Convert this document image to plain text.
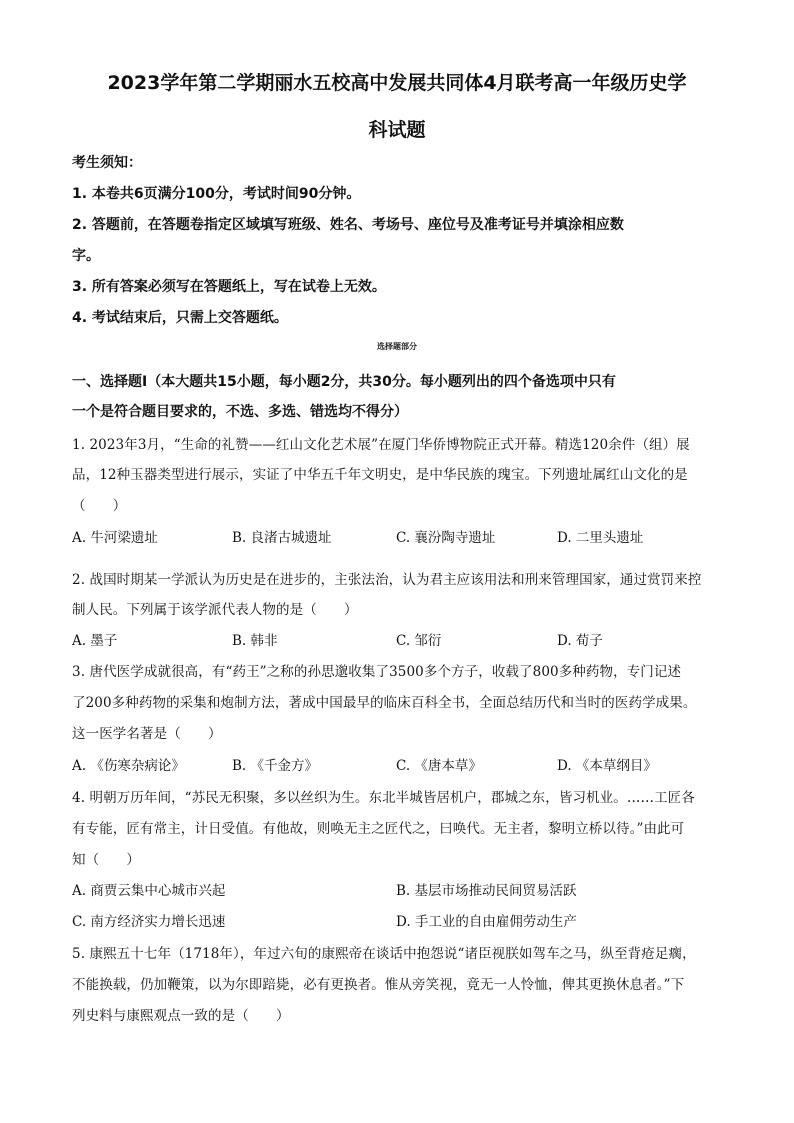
2023学年第二学期丽水五校高中发展共同体4月联考高一年级历史学
科试题
考生须知：
1. 本卷共6页满分100分，考试时间90分钟。
2. 答题前，在答题卷指定区域填写班级、姓名、考场号、座位号及准考证号并填涂相应数
字。
3. 所有答案必须写在答题纸上，写在试卷上无效。
4. 考试结束后，只需上交答题纸。
选择题部分
一、选择题Ⅰ（本大题共15小题，每小题2分，共30分。每小题列出的四个备选项中只有
一个是符合题目要求的，不选、多选、错选均不得分）
1. 2023年3月，“生命的礼赞——红山文化艺术展”在厦门华侨博物院正式开幕。精选120余件（组）展
品，12种玉器类型进行展示，实证了中华五千年文明史，是中华民族的瑰宝。下列遗址属红山文化的是
（　　）
A. 牛河梁遗址	B. 良渚古城遗址	C. 襄汾陶寺遗址	D. 二里头遗址
2. 战国时期某一学派认为历史是在进步的，主张法治，认为君主应该用法和刑来管理国家，通过赏罚来控
制人民。下列属于该学派代表人物的是（　　）
A. 墨子	B. 韩非	C. 邹衍	D. 荀子
3. 唐代医学成就很高，有“药王”之称的孙思邈收集了3500多个方子，收载了800多种药物，专门记述
了200多种药物的采集和炮制方法，著成中国最早的临床百科全书，全面总结历代和当时的医药学成果。
这一医学名著是（　　）
A. 《伤寒杂病论》	B. 《千金方》	C. 《唐本草》	D. 《本草纲目》
4. 明朝万历年间，“苏民无积聚，多以丝织为生。东北半城皆居机户，郡城之东，皆习机业。……工匠各
有专能，匠有常主，计日受值。有他故，则唤无主之匠代之，曰唤代。无主者，黎明立桥以待。”由此可
知（　　）
A. 商贾云集中心城市兴起	B. 基层市场推动民间贸易活跃
C. 南方经济实力增长迅速	D. 手工业的自由雇佣劳动生产
5. 康熙五十七年（1718年），年过六旬的康熙帝在谈话中抱怨说“诸臣视朕如驾车之马，纵至背疮足瘸，
不能换载，仍加鞭策，以为尔即踣毙，必有更换者。惟从旁笑视，竟无一人怜恤，俾其更换休息者。”下
列史料与康熙观点一致的是（　　）
